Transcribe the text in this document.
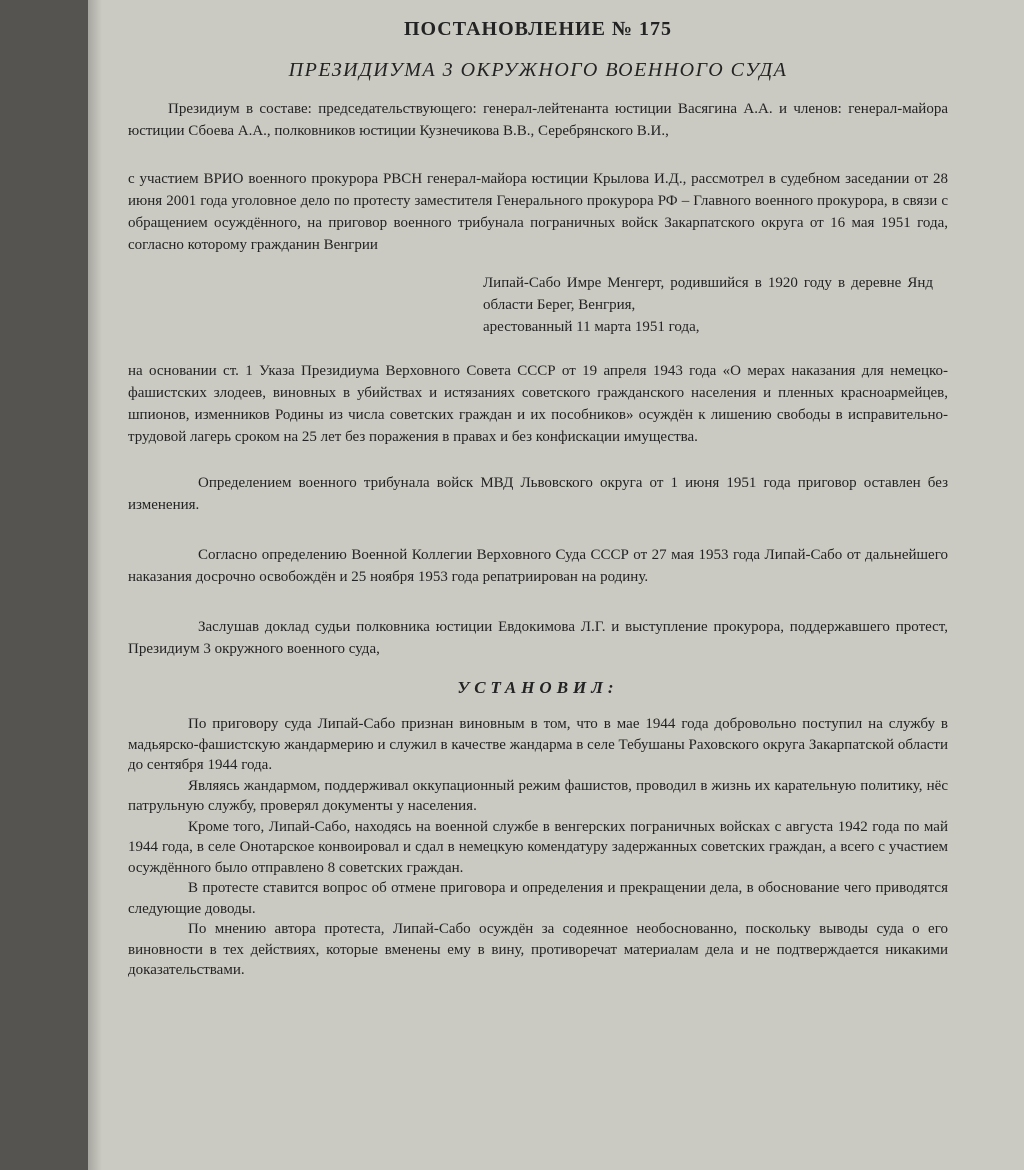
ПОСТАНОВЛЕНИЕ № 175
ПРЕЗИДИУМА 3 ОКРУЖНОГО ВОЕННОГО СУДА

Президиум в составе: председательствующего: генерал-лейтенанта юстиции Васягина А.А. и членов: генерал-майора юстиции Сбоева А.А., полковников юстиции Кузнечикова В.В., Серебрянского В.И.,

с участием ВРИО военного прокурора РВСН генерал-майора юстиции Крылова И.Д., рассмотрел в судебном заседании от 28 июня 2001 года уголовное дело по протесту заместителя Генерального прокурора РФ – Главного военного прокурора, в связи с обращением осуждённого, на приговор военного трибунала пограничных войск Закарпатского округа от 16 мая 1951 года, согласно которому гражданин Венгрии

Липай-Сабо Имре Менгерт, родившийся в 1920 году в деревне Янд области Берег, Венгрия,

арестованный 11 марта 1951 года,

на основании ст. 1 Указа Президиума Верховного Совета СССР от 19 апреля 1943 года «О мерах наказания для немецко-фашистских злодеев, виновных в убийствах и истязаниях советского гражданского населения и пленных красноармейцев, шпионов, изменников Родины из числа советских граждан и их пособников» осуждён к лишению свободы в исправительно-трудовой лагерь сроком на 25 лет без поражения в правах и без конфискации имущества.

Определением военного трибунала войск МВД Львовского округа от 1 июня 1951 года приговор оставлен без изменения.

Согласно определению Военной Коллегии Верховного Суда СССР от 27 мая 1953 года Липай-Сабо от дальнейшего наказания досрочно освобождён и 25 ноября 1953 года репатриирован на родину.

Заслушав доклад судьи полковника юстиции Евдокимова Л.Г. и выступление прокурора, поддержавшего протест, Президиум 3 окружного военного суда,

УСТАНОВИЛ:

По приговору суда Липай-Сабо признан виновным в том, что в мае 1944 года добровольно поступил на службу в мадьярско-фашистскую жандармерию и служил в качестве жандарма в селе Тебушаны Раховского округа Закарпатской области до сентября 1944 года.

Являясь жандармом, поддерживал оккупационный режим фашистов, проводил в жизнь их карательную политику, нёс патрульную службу, проверял документы у населения.

Кроме того, Липай-Сабо, находясь на военной службе в венгерских пограничных войсках с августа 1942 года по май 1944 года, в селе Онотарское конвоировал и сдал в немецкую комендатуру задержанных советских граждан, а всего с участием осуждённого было отправлено 8 советских граждан.

В протесте ставится вопрос об отмене приговора и определения и прекращении дела, в обоснование чего приводятся следующие доводы.

По мнению автора протеста, Липай-Сабо осуждён за содеянное необоснованно, поскольку выводы суда о его виновности в тех действиях, которые вменены ему в вину, противоречат материалам дела и не подтверждается никакими доказательствами.
